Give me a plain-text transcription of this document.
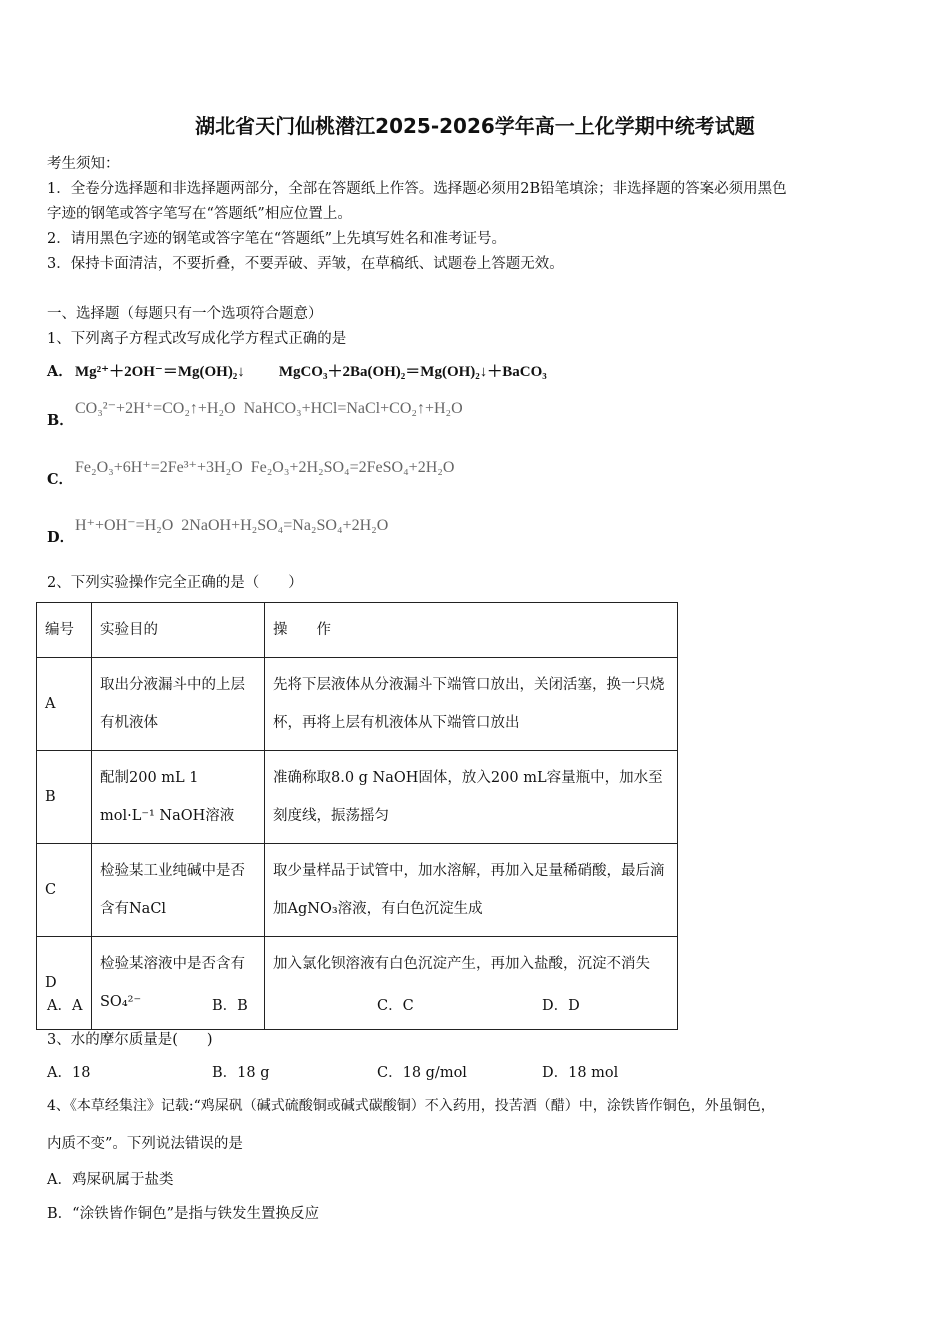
湖北省天门仙桃潜江2025-2026学年高一上化学期中统考试题
考生须知：
1．全卷分选择题和非选择题两部分，全部在答题纸上作答。选择题必须用2B铅笔填涂；非选择题的答案必须用黑色
字迹的钢笔或答字笔写在“答题纸”相应位置上。
2．请用黑色字迹的钢笔或答字笔在“答题纸”上先填写姓名和准考证号。
3．保持卡面清洁，不要折叠，不要弄破、弄皱，在草稿纸、试题卷上答题无效。
一、选择题（每题只有一个选项符合题意）
1、下列离子方程式改写成化学方程式正确的是
A． Mg²⁺＋2OH⁻＝Mg(OH)₂↓ MgCO₃＋2Ba(OH)₂＝Mg(OH)₂↓＋BaCO₃
B．CO₃²⁻+2H⁺=CO₂↑+H₂O NaHCO₃+HCl=NaCl+CO₂↑+H₂O
C．Fe₂O₃+6H⁺=2Fe³⁺+3H₂O Fe₂O₃+2H₂SO₄=2FeSO₄+2H₂O
D．H⁺+OH⁻=H₂O 2NaOH+H₂SO₄=Na₂SO₄+2H₂O
2、下列实验操作完全正确的是（　　）
编号	实验目的	操　　作
A	取出分液漏斗中的上层有机液体	先将下层液体从分液漏斗下端管口放出，关闭活塞，换一只烧杯，再将上层有机液体从下端管口放出
B	配制200 mL 1 mol·L⁻¹ NaOH溶液	准确称取8.0 g NaOH固体，放入200 mL容量瓶中，加水至刻度线，振荡摇匀
C	检验某工业纯碱中是否含有NaCl	取少量样品于试管中，加水溶解，再加入足量稀硝酸，最后滴加AgNO₃溶液，有白色沉淀生成
D	检验某溶液中是否含有SO₄²⁻	加入氯化钡溶液有白色沉淀产生，再加入盐酸，沉淀不消失
A．A	B．B	C．C	D．D
3、水的摩尔质量是(　　)
A．18	B．18 g	C．18 g/mol	D．18 mol
4、《本草经集注》记载:“鸡屎矾（碱式硫酸铜或碱式碳酸铜）不入药用，投苦酒（醋）中，涂铁皆作铜色，外虽铜色，
内质不变”。下列说法错误的是
A．鸡屎矾属于盐类
B．“涂铁皆作铜色”是指与铁发生置换反应
